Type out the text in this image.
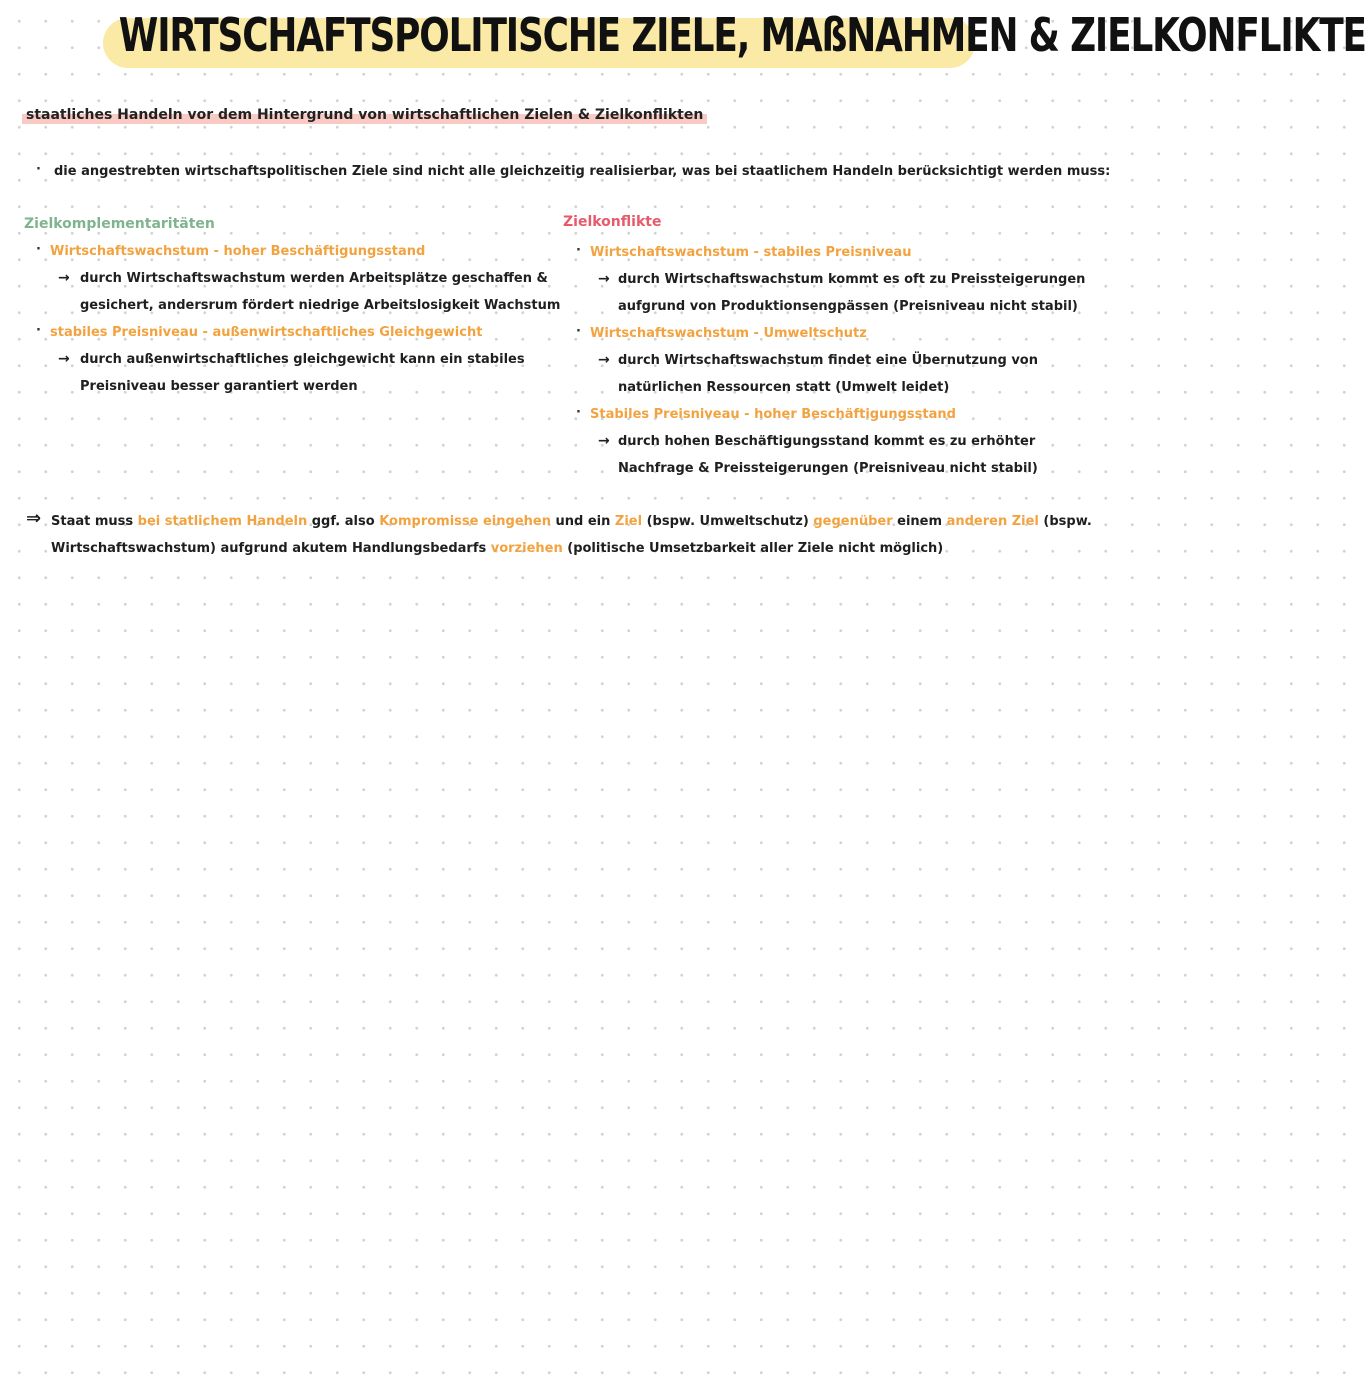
WIRTSCHAFTSPOLITISCHE ZIELE, MAßNAHMEN & ZIELKONFLIKTE
staatliches Handeln vor dem Hintergrund von wirtschaftlichen Zielen & Zielkonflikten
· die angestrebten wirtschaftspolitischen Ziele sind nicht alle gleichzeitig realisierbar, was bei staatlichem Handeln berücksichtigt werden muss:
Zielkomplementaritäten
· Wirtschaftswachstum - hoher Beschäftigungsstand
→ durch Wirtschaftswachstum werden Arbeitsplätze geschaffen &
gesichert, andersrum fördert niedrige Arbeitslosigkeit Wachstum
· stabiles Preisniveau - außenwirtschaftliches Gleichgewicht
→ durch außenwirtschaftliches gleichgewicht kann ein stabiles
Preisniveau besser garantiert werden
Zielkonflikte
· Wirtschaftswachstum - stabiles Preisniveau
→ durch Wirtschaftswachstum kommt es oft zu Preissteigerungen
aufgrund von Produktionsengpässen (Preisniveau nicht stabil)
· Wirtschaftswachstum - Umweltschutz
→ durch Wirtschaftswachstum findet eine Übernutzung von
natürlichen Ressourcen statt (Umwelt leidet)
· Stabiles Preisniveau - hoher Beschäftigungsstand
→ durch hohen Beschäftigungsstand kommt es zu erhöhter
Nachfrage & Preissteigerungen (Preisniveau nicht stabil)
⇒ Staat muss bei statlichem Handeln ggf. also Kompromisse eingehen und ein Ziel (bspw. Umweltschutz) gegenüber einem anderen Ziel (bspw.
Wirtschaftswachstum) aufgrund akutem Handlungsbedarfs vorziehen (politische Umsetzbarkeit aller Ziele nicht möglich)
